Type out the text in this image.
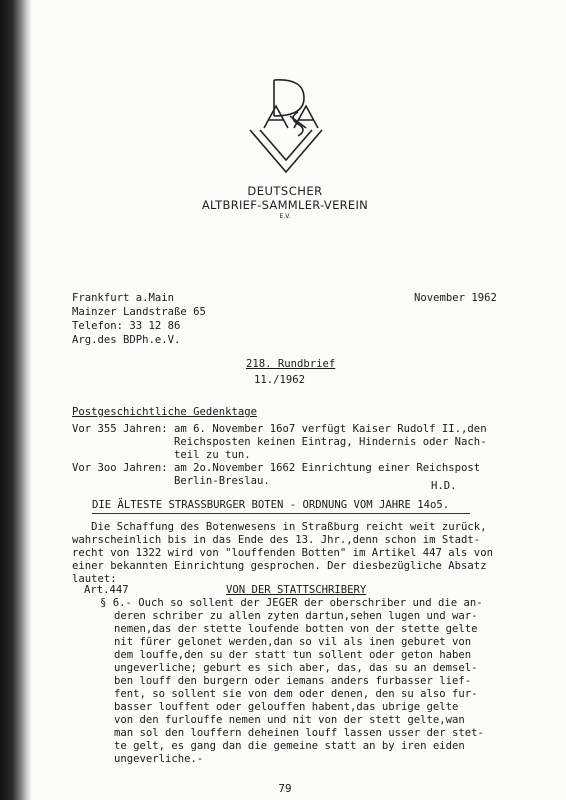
DEUTSCHER
ALTBRIEF-SAMMLER-VEREIN
E.V.
Frankfurt a.Main
Mainzer Landstraße 65
Telefon: 33 12 86
Arg.des BDPh.e.V.
November 1962
218. Rundbrief
11./1962
Postgeschichtliche Gedenktage
Vor 355 Jahren: am 6. November 16o7 verfügt Kaiser Rudolf II.,den
Reichsposten keinen Eintrag, Hindernis oder Nach-
teil zu tun.
Vor 3oo Jahren: am 2o.November 1662 Einrichtung einer Reichspost
Berlin-Breslau.	H.D.
DIE ÄLTESTE STRASSBURGER BOTEN - ORDNUNG VOM JAHRE 14o5.
Die Schaffung des Botenwesens in Straßburg reicht weit zurück,
wahrscheinlich bis in das Ende des 13. Jhr.,denn schon im Stadt-
recht von 1322 wird von "louffenden Botten" im Artikel 447 als von
einer bekannten Einrichtung gesprochen. Der diesbezügliche Absatz
lautet:
Art.447	VON DER STATTSCHRIBERY
§ 6.- Ouch so sollent der JEGER der oberschriber und die an-
deren schriber zu allen zyten dartun,sehen lugen und war-
nemen,das der stette loufende botten von der stette gelte
nit fürer gelonet werden,dan so vil als inen geburet von
dem louffe,den su der statt tun sollent oder geton haben
ungeverliche; geburt es sich aber, das, das su an demsel-
ben louff den burgern oder iemans anders furbasser lief-
fent, so sollent sie von dem oder denen, den su also fur-
basser louffent oder gelouffen habent,das ubrige gelte
von den furlouffe nemen und nit von der stett gelte,wan
man sol den louffern deheinen louff lassen usser der stet-
te gelt, es gang dan die gemeine statt an by iren eiden
ungeverliche.-
79
